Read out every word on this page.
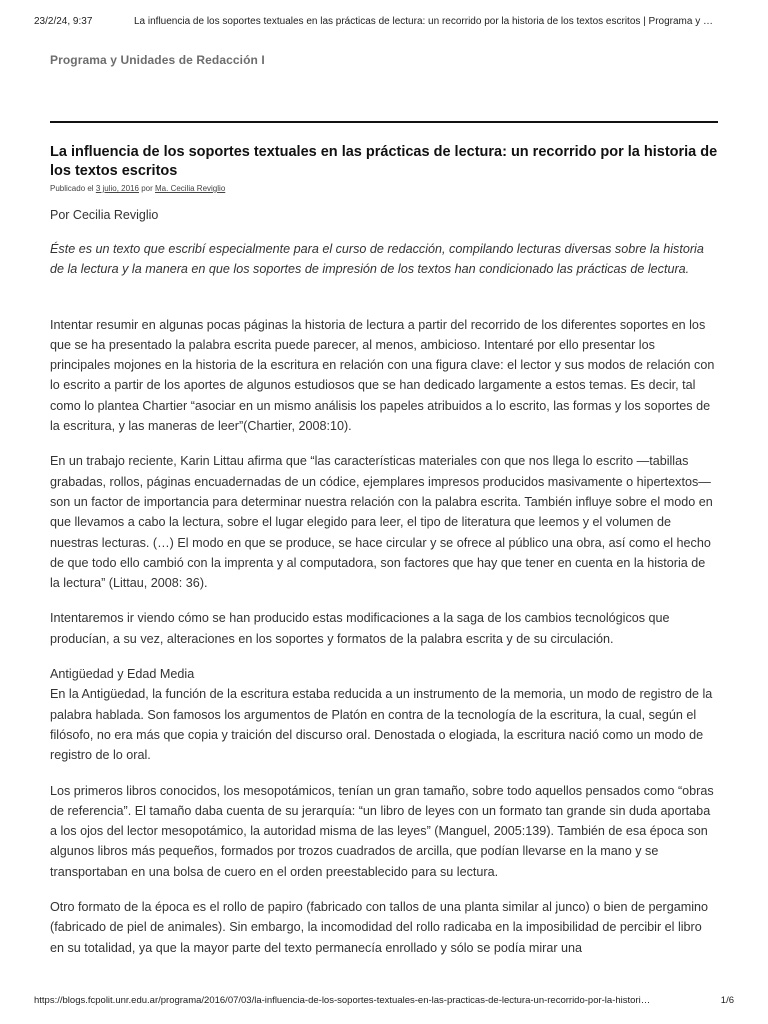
23/2/24, 9:37	La influencia de los soportes textuales en las prácticas de lectura: un recorrido por la historia de los textos escritos | Programa y …
Programa y Unidades de Redacción I
La influencia de los soportes textuales en las prácticas de lectura: un recorrido por la historia de los textos escritos
Publicado el 3 julio, 2016 por Ma. Cecilia Reviglio
Por Cecilia Reviglio
Éste es un texto que escribí especialmente para el curso de redacción, compilando lecturas diversas sobre la historia de la lectura y la manera en que los soportes de impresión de los textos han condicionado las prácticas de lectura.

Intentar resumir en algunas pocas páginas la historia de lectura a partir del recorrido de los diferentes soportes en los que se ha presentado la palabra escrita puede parecer, al menos, ambicioso. Intentaré por ello presentar los principales mojones en la historia de la escritura en relación con una figura clave: el lector y sus modos de relación con lo escrito a partir de los aportes de algunos estudiosos que se han dedicado largamente a estos temas. Es decir, tal como lo plantea Chartier “asociar en un mismo análisis los papeles atribuidos a lo escrito, las formas y los soportes de la escritura, y las maneras de leer”(Chartier, 2008:10).

En un trabajo reciente, Karin Littau afirma que “las características materiales con que nos llega lo escrito —tabillas grabadas, rollos, páginas encuadernadas de un códice, ejemplares impresos producidos masivamente o hipertextos— son un factor de importancia para determinar nuestra relación con la palabra escrita. También influye sobre el modo en que llevamos a cabo la lectura, sobre el lugar elegido para leer, el tipo de literatura que leemos y el volumen de nuestras lecturas. (…) El modo en que se produce, se hace circular y se ofrece al público una obra, así como el hecho de que todo ello cambió con la imprenta y al computadora, son factores que hay que tener en cuenta en la historia de la lectura” (Littau, 2008: 36).

Intentaremos ir viendo cómo se han producido estas modificaciones a la saga de los cambios tecnológicos que producían, a su vez, alteraciones en los soportes y formatos de la palabra escrita y de su circulación.

Antigüedad y Edad Media

En la Antigüedad, la función de la escritura estaba reducida a un instrumento de la memoria, un modo de registro de la palabra hablada. Son famosos los argumentos de Platón en contra de la tecnología de la escritura, la cual, según el filósofo, no era más que copia y traición del discurso oral. Denostada o elogiada, la escritura nació como un modo de registro de lo oral.

Los primeros libros conocidos, los mesopotámicos, tenían un gran tamaño, sobre todo aquellos pensados como “obras de referencia”. El tamaño daba cuenta de su jerarquía: “un libro de leyes con un formato tan grande sin duda aportaba a los ojos del lector mesopotámico, la autoridad misma de las leyes” (Manguel, 2005:139). También de esa época son algunos libros más pequeños, formados por trozos cuadrados de arcilla, que podían llevarse en la mano y se transportaban en una bolsa de cuero en el orden preestablecido para su lectura.

Otro formato de la época es el rollo de papiro (fabricado con tallos de una planta similar al junco) o bien de pergamino (fabricado de piel de animales). Sin embargo, la incomodidad del rollo radicaba en la imposibilidad de percibir el libro en su totalidad, ya que la mayor parte del texto permanecía enrollado y sólo se podía mirar una

https://blogs.fcpolit.unr.edu.ar/programa/2016/07/03/la-influencia-de-los-soportes-textuales-en-las-practicas-de-lectura-un-recorrido-por-la-histori…	1/6
